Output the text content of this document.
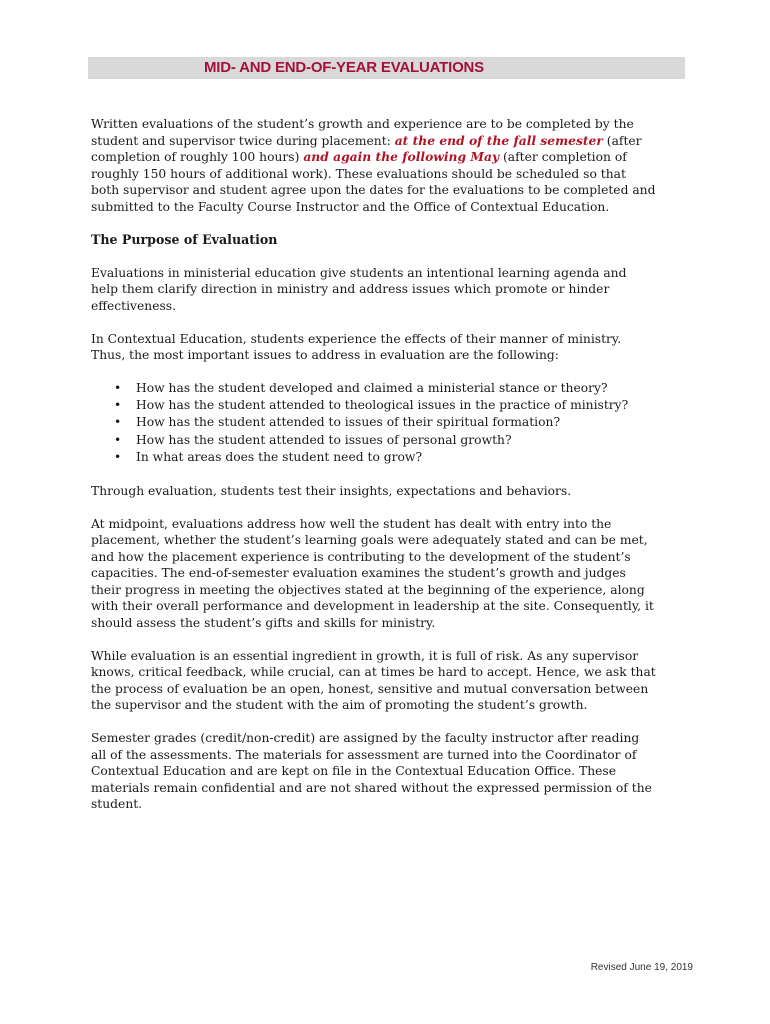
MID- AND END-OF-YEAR EVALUATIONS

Written evaluations of the student’s growth and experience are to be completed by the student and supervisor twice during placement: at the end of the fall semester (after completion of roughly 100 hours) and again the following May (after completion of roughly 150 hours of additional work). These evaluations should be scheduled so that both supervisor and student agree upon the dates for the evaluations to be completed and submitted to the Faculty Course Instructor and the Office of Contextual Education.

The Purpose of Evaluation

Evaluations in ministerial education give students an intentional learning agenda and help them clarify direction in ministry and address issues which promote or hinder effectiveness.

In Contextual Education, students experience the effects of their manner of ministry. Thus, the most important issues to address in evaluation are the following:

• How has the student developed and claimed a ministerial stance or theory?
• How has the student attended to theological issues in the practice of ministry?
• How has the student attended to issues of their spiritual formation?
• How has the student attended to issues of personal growth?
• In what areas does the student need to grow?

Through evaluation, students test their insights, expectations and behaviors.

At midpoint, evaluations address how well the student has dealt with entry into the placement, whether the student’s learning goals were adequately stated and can be met, and how the placement experience is contributing to the development of the student’s capacities. The end-of-semester evaluation examines the student’s growth and judges their progress in meeting the objectives stated at the beginning of the experience, along with their overall performance and development in leadership at the site. Consequently, it should assess the student’s gifts and skills for ministry.

While evaluation is an essential ingredient in growth, it is full of risk. As any supervisor knows, critical feedback, while crucial, can at times be hard to accept. Hence, we ask that the process of evaluation be an open, honest, sensitive and mutual conversation between the supervisor and the student with the aim of promoting the student’s growth.

Semester grades (credit/non-credit) are assigned by the faculty instructor after reading all of the assessments. The materials for assessment are turned into the Coordinator of Contextual Education and are kept on file in the Contextual Education Office. These materials remain confidential and are not shared without the expressed permission of the student.

Revised June 19, 2019
